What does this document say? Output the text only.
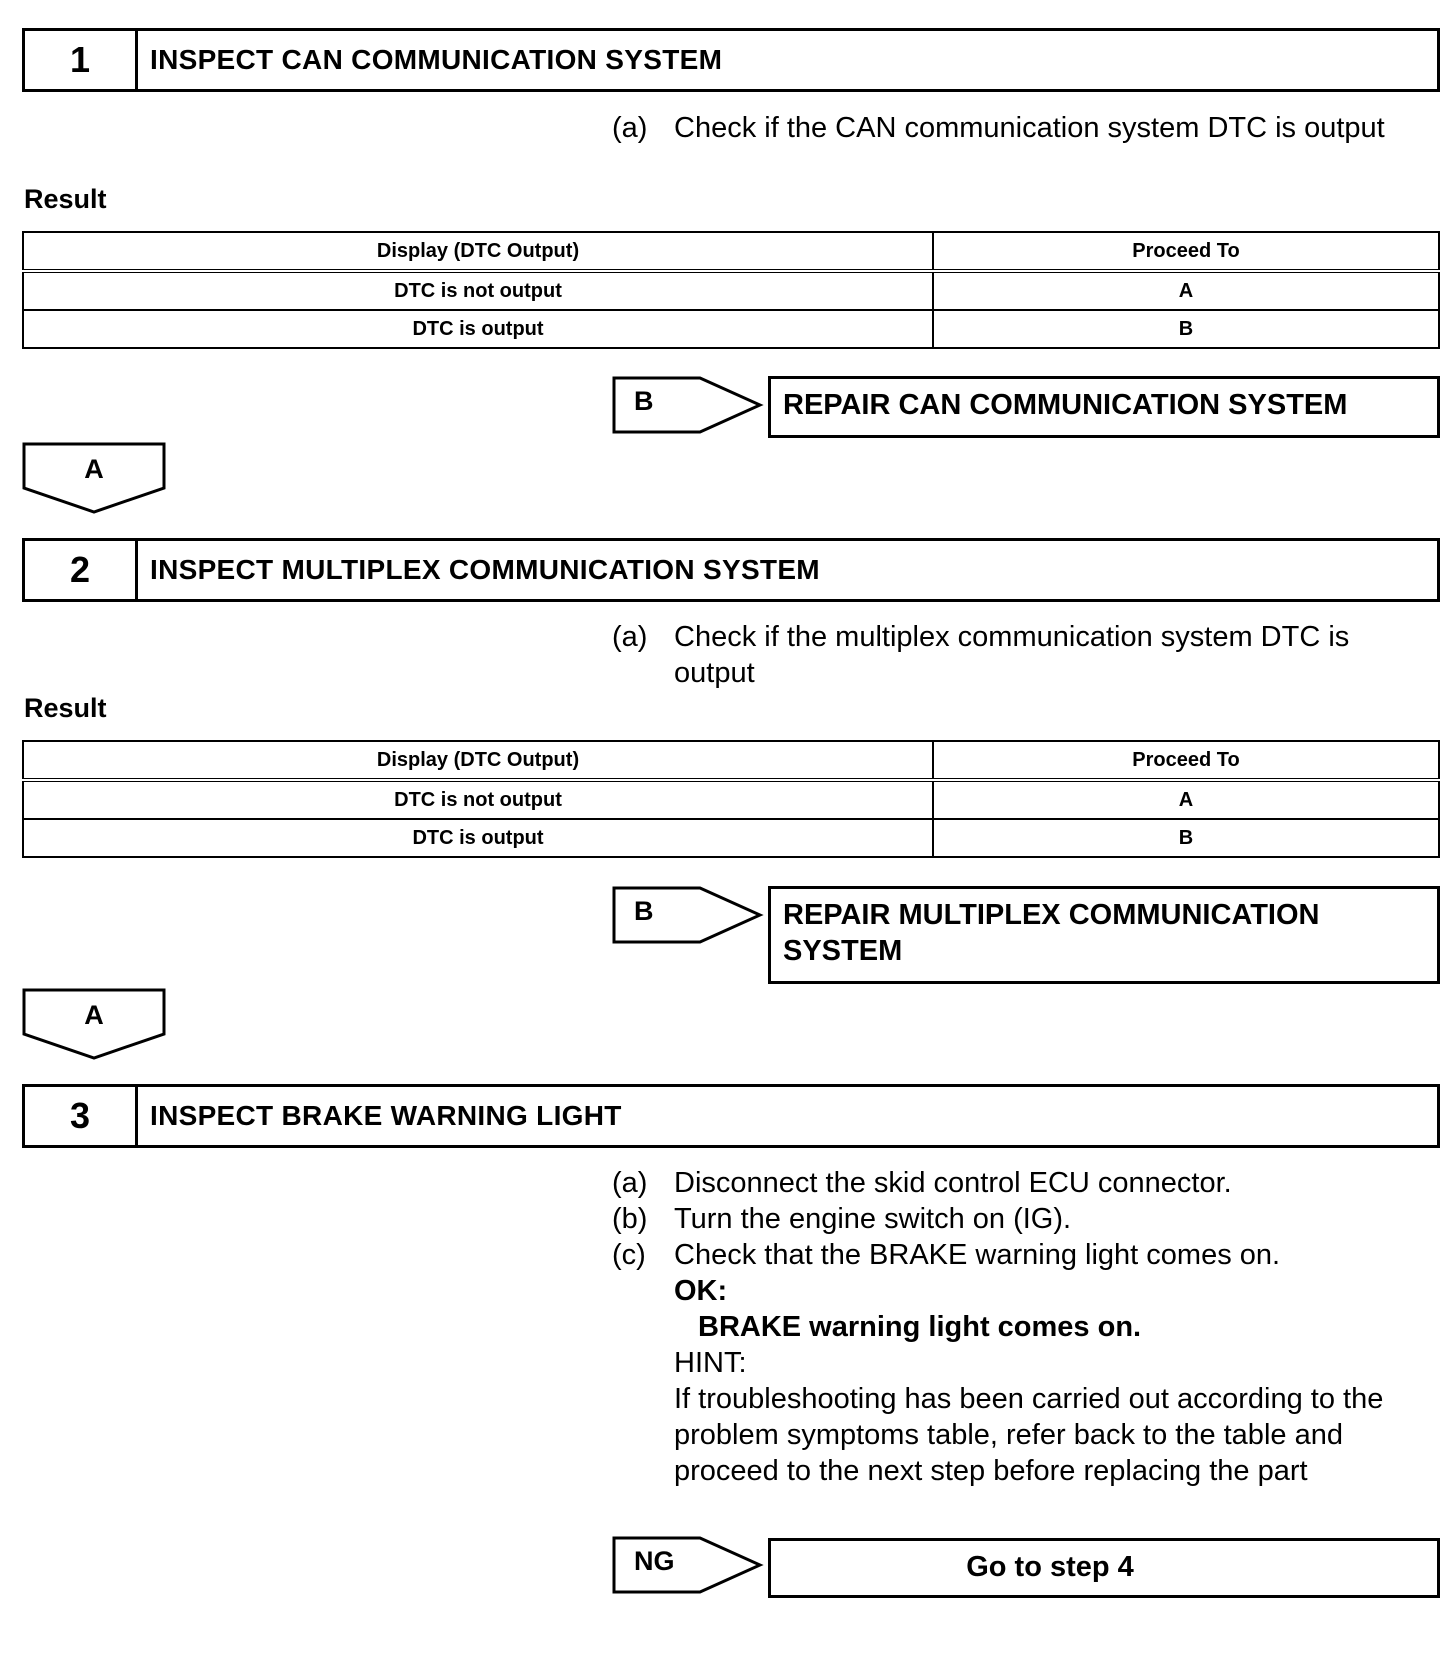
1	INSPECT CAN COMMUNICATION SYSTEM
(a) Check if the CAN communication system DTC is output
Result
Display (DTC Output)	Proceed To
DTC is not output	A
DTC is output	B
B	REPAIR CAN COMMUNICATION SYSTEM
A
2	INSPECT MULTIPLEX COMMUNICATION SYSTEM
(a) Check if the multiplex communication system DTC is output
Result
Display (DTC Output)	Proceed To
DTC is not output	A
DTC is output	B
B	REPAIR MULTIPLEX COMMUNICATION SYSTEM
A
3	INSPECT BRAKE WARNING LIGHT
(a) Disconnect the skid control ECU connector.
(b) Turn the engine switch on (IG).
(c) Check that the BRAKE warning light comes on.
OK:
BRAKE warning light comes on.
HINT:
If troubleshooting has been carried out according to the problem symptoms table, refer back to the table and proceed to the next step before replacing the part
NG	Go to step 4
